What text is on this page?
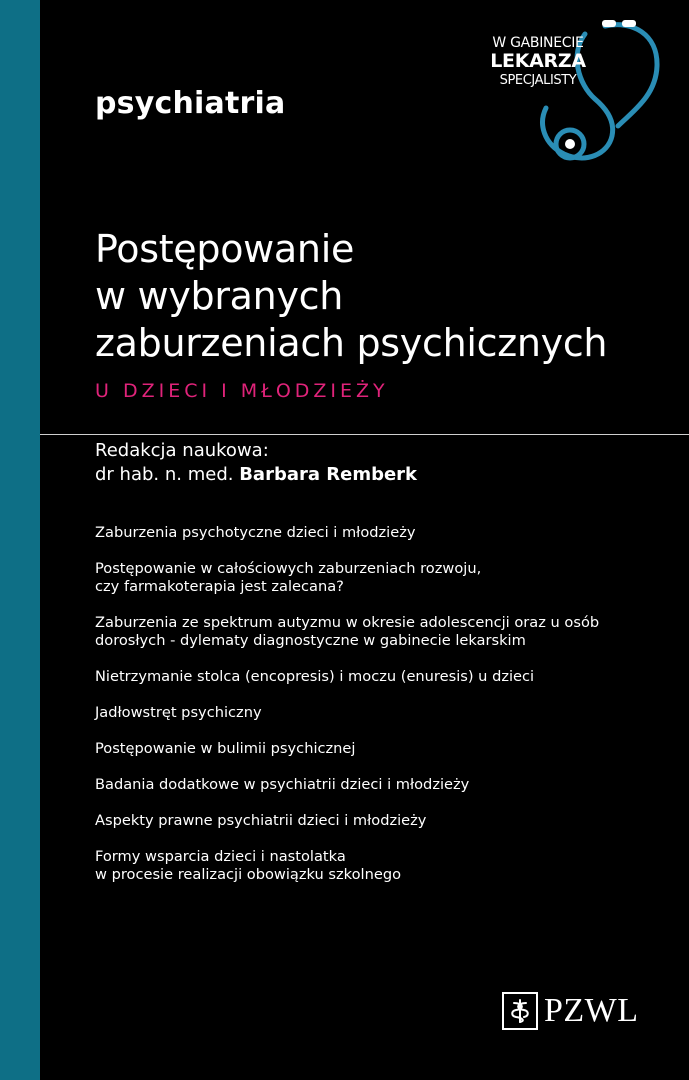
psychiatria
W GABINECIE
LEKARZA
SPECJALISTY
Postępowanie
w wybranych
zaburzeniach psychicznych
U DZIECI I MŁODZIEŻY
Redakcja naukowa:
dr hab. n. med. Barbara Remberk
Zaburzenia psychotyczne dzieci i młodzieży
Postępowanie w całościowych zaburzeniach rozwoju,
czy farmakoterapia jest zalecana?
Zaburzenia ze spektrum autyzmu w okresie adolescencji oraz u osób
dorosłych - dylematy diagnostyczne w gabinecie lekarskim
Nietrzymanie stolca (encopresis) i moczu (enuresis) u dzieci
Jadłowstręt psychiczny
Postępowanie w bulimii psychicznej
Badania dodatkowe w psychiatrii dzieci i młodzieży
Aspekty prawne psychiatrii dzieci i młodzieży
Formy wsparcia dzieci i nastolatka
w procesie realizacji obowiązku szkolnego
PZWL
